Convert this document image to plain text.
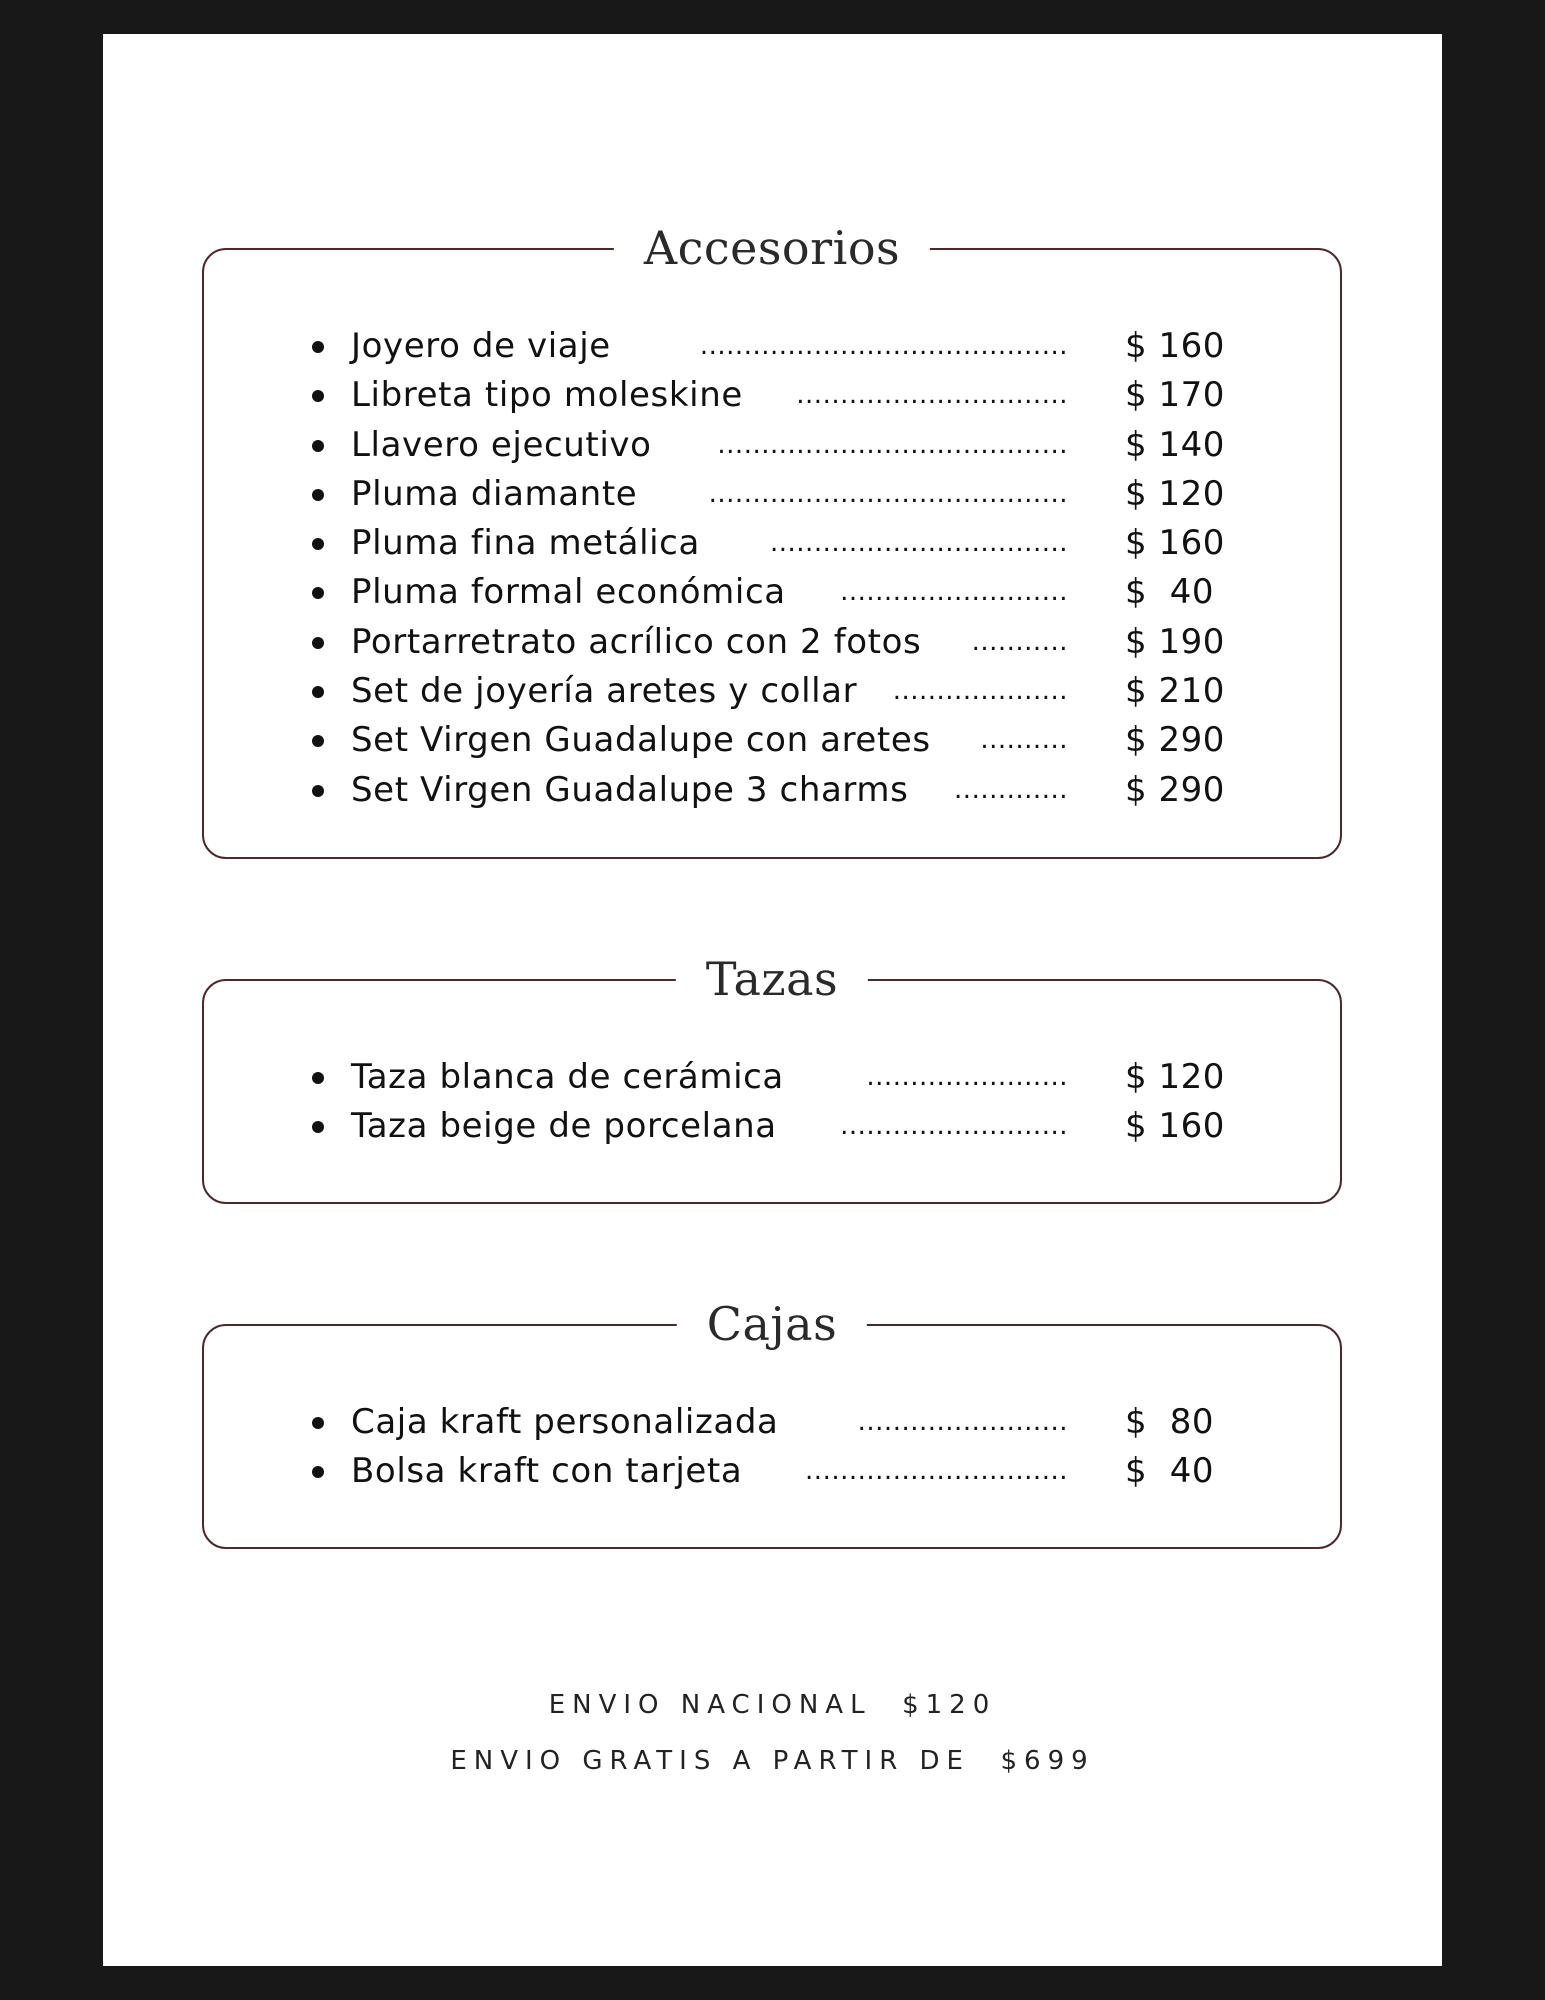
Accesorios
Joyero de viaje	.......................................... $ 160
Libreta tipo moleskine ............................... $ 170
Llavero ejecutivo	........................................ $ 140
Pluma diamante	......................................... $ 120
Pluma fina metálica	.................................. $ 160
Pluma formal económica .......................... $  40
Portarretrato acrílico con 2 fotos ........... $ 190
Set de joyería aretes y collar .................... $ 210
Set Virgen Guadalupe con aretes .......... $ 290
Set Virgen Guadalupe 3 charms ............. $ 290
Tazas
Taza blanca de cerámica	....................... $ 120
Taza beige de porcelana .......................... $ 160
Cajas
Caja kraft personalizada	........................ $  80
Bolsa kraft con tarjeta .............................. $  40
ENVIO NACIONAL  $120
ENVIO GRATIS A PARTIR DE  $699
